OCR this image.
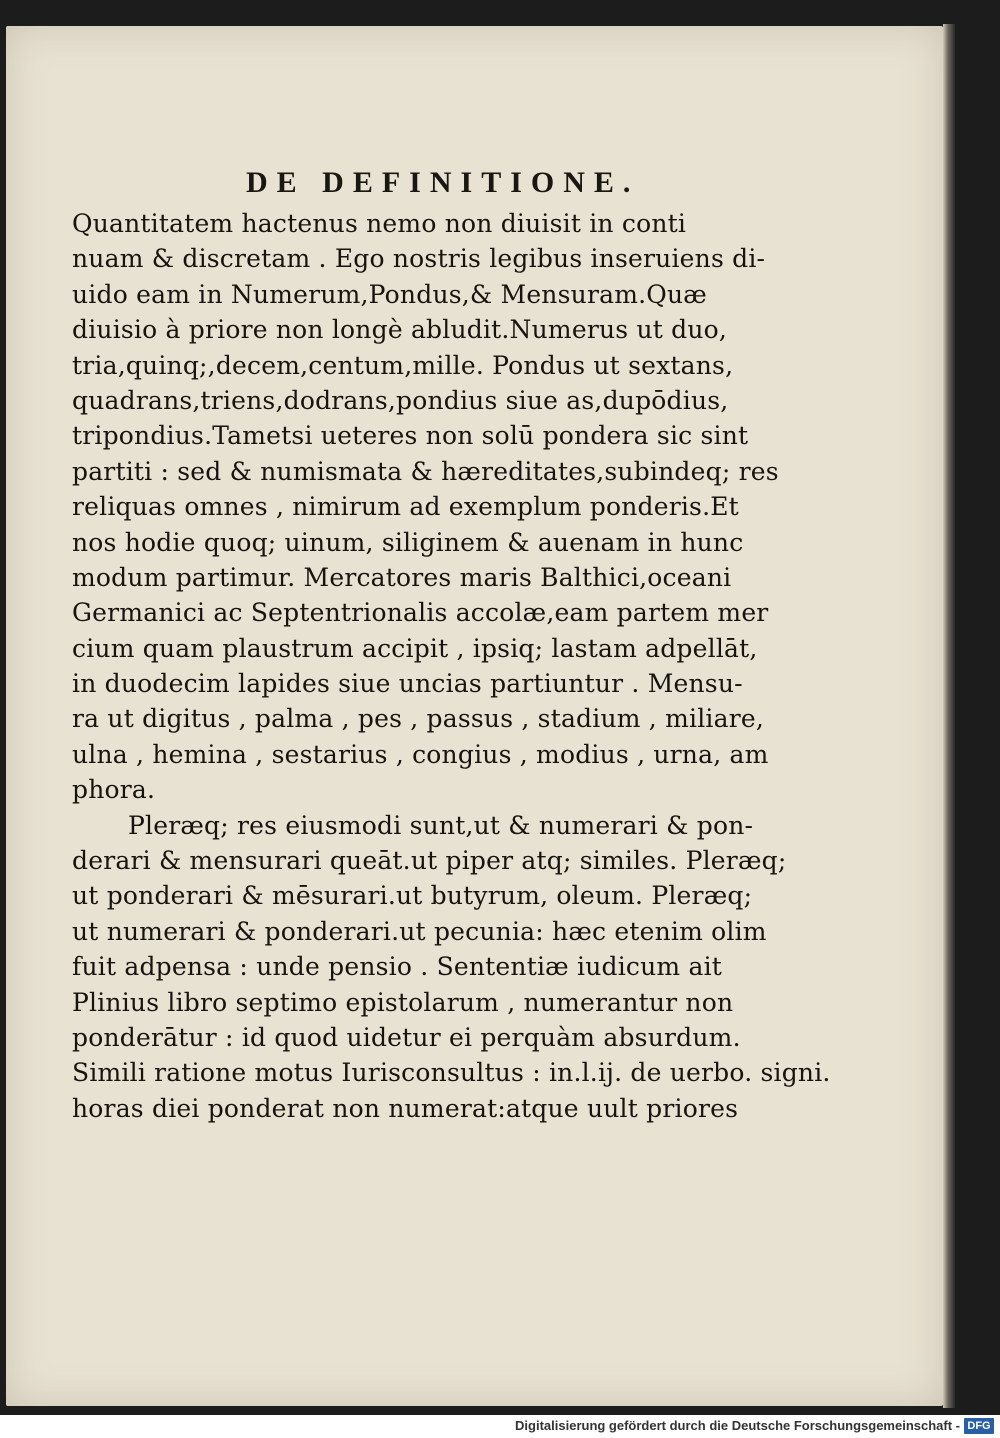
DE DEFINITIONE.
Quantitatem hactenus nemo non diuisit in conti
nuam & discretam . Ego nostris legibus inseruiens di-
uido eam in Numerum,Pondus,& Mensuram.Quæ
diuisio à priore non longè abludit.Numerus ut duo,
tria,quinq;,decem,centum,mille. Pondus ut sextans,
quadrans,triens,dodrans,pondius siue as,dupōdius,
tripondius.Tametsi ueteres non solū pondera sic sint
partiti : sed & numismata & hæreditates,subindeq; res
reliquas omnes , nimirum ad exemplum ponderis.Et
nos hodie quoq; uinum, siliginem & auenam in hunc
modum partimur. Mercatores maris Balthici,oceani
Germanici ac Septentrionalis accolæ,eam partem mer
cium quam plaustrum accipit , ipsiq; lastam adpellāt,
in duodecim lapides siue uncias partiuntur . Mensu-
ra ut digitus , palma , pes , passus , stadium , miliare,
ulna , hemina , sestarius , congius , modius , urna, am
phora.
Pleræq; res eiusmodi sunt,ut & numerari & pon-
derari & mensurari queāt.ut piper atq; similes. Pleræq;
ut ponderari & mēsurari.ut butyrum, oleum. Pleræq;
ut numerari & ponderari.ut pecunia: hæc etenim olim
fuit adpensa : unde pensio . Sententiæ iudicum ait
Plinius libro septimo epistolarum , numerantur non
ponderātur : id quod uidetur ei perquàm absurdum.
Simili ratione motus Iurisconsultus : in.l.ij. de uerbo. signi.
horas diei ponderat non numerat:atque uult priores
Digitalisierung gefördert durch die Deutsche Forschungsgemeinschaft - DFG
